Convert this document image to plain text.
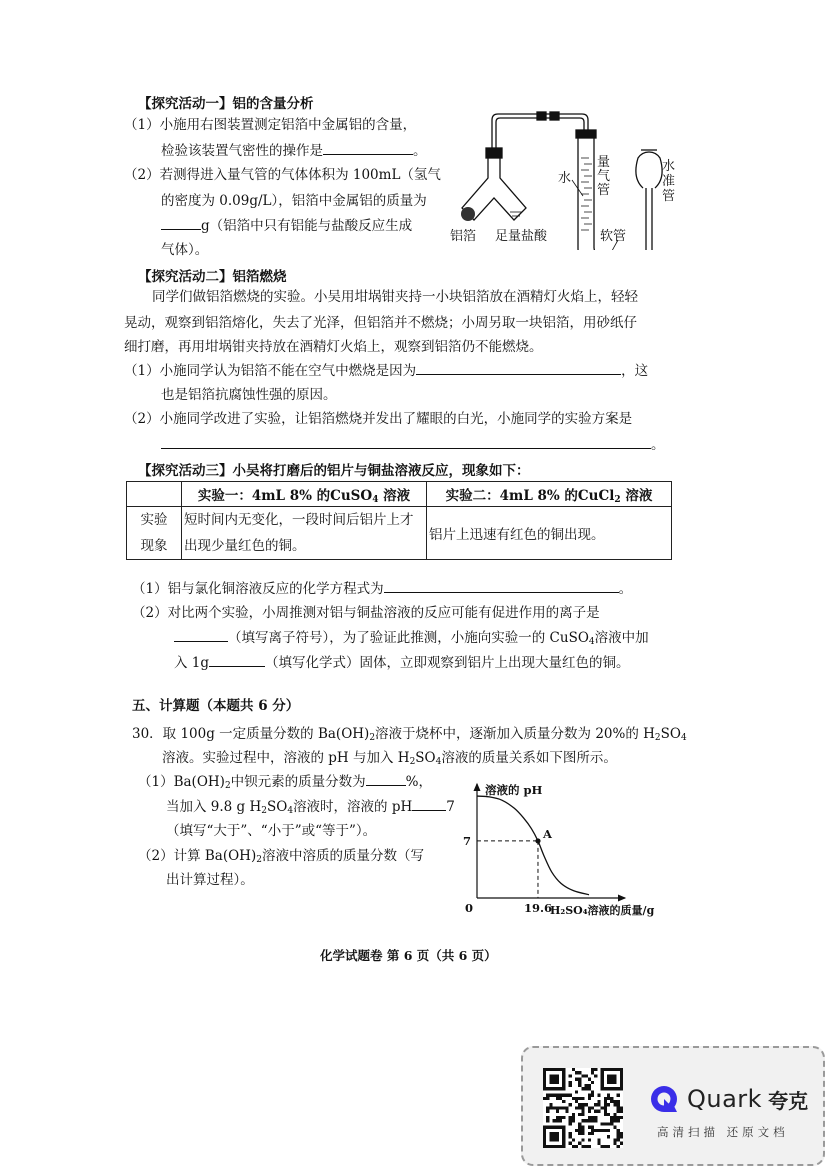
【探究活动一】铝的含量分析
（1）小施用右图装置测定铝箔中金属铝的含量，
检验该装置气密性的操作是	。
（2）若测得进入量气管的气体体积为 100mL（氢气
的密度为 0.09g/L），铝箔中金属铝的质量为
g（铝箔中只有铝能与盐酸反应生成
气体）。
铝箔 足量盐酸
水
软管
量
气
管
水
准
管
【探究活动二】铝箔燃烧
同学们做铝箔燃烧的实验。小吴用坩埚钳夹持一小块铝箔放在酒精灯火焰上，轻轻
晃动，观察到铝箔熔化，失去了光泽，但铝箔并不燃烧；小周另取一块铝箔，用砂纸仔
细打磨，再用坩埚钳夹持放在酒精灯火焰上，观察到铝箔仍不能燃烧。
（1）小施同学认为铝箔不能在空气中燃烧是因为	，这
也是铝箔抗腐蚀性强的原因。
（2）小施同学改进了实验，让铝箔燃烧并发出了耀眼的白光，小施同学的实验方案是
。
【探究活动三】小吴将打磨后的铝片与铜盐溶液反应，现象如下：
	实验一：4mL 8% 的CuSO$_4$ 溶液	实验二：4mL 8% 的CuCl$_2$ 溶液
实验
现象	短时间内无变化，一段时间后铝片上才出现少量红色的铜。	铝片上迅速有红色的铜出现。
（1）铝与氯化铜溶液反应的化学方程式为	。
（2）对比两个实验，小周推测对铝与铜盐溶液的反应可能有促进作用的离子是
（填写离子符号），为了验证此推测，小施向实验一的 CuSO$_4$溶液中加
入 1g	（填写化学式）固体，立即观察到铝片上出现大量红色的铜。
五、计算题（本题共 6 分）
30．取 100g 一定质量分数的 $Ba(OH)_2$溶液于烧杯中，逐渐加入质量分数为 20%的 $H_2SO_4$
溶液。实验过程中，溶液的 pH 与加入 $H_2SO_4$溶液的质量关系如下图所示。
$(1)Ba(OH)_2$中钡元素的质量分数为	%，
当加入 9.8 g $H_2SO_4$溶液时，溶液的 pH	7
（填写“大于”、“小于”或“等于”）。
（2）计算 $Ba(OH)_2$溶液中溶质的质量分数（写
出计算过程）。
A
溶液的 pH
H₂SO₄溶液的质量/g
0	19.6
7
化学试题卷 第 6 页（共 6 页）
Quark 夸克
高清扫描 还原文档
